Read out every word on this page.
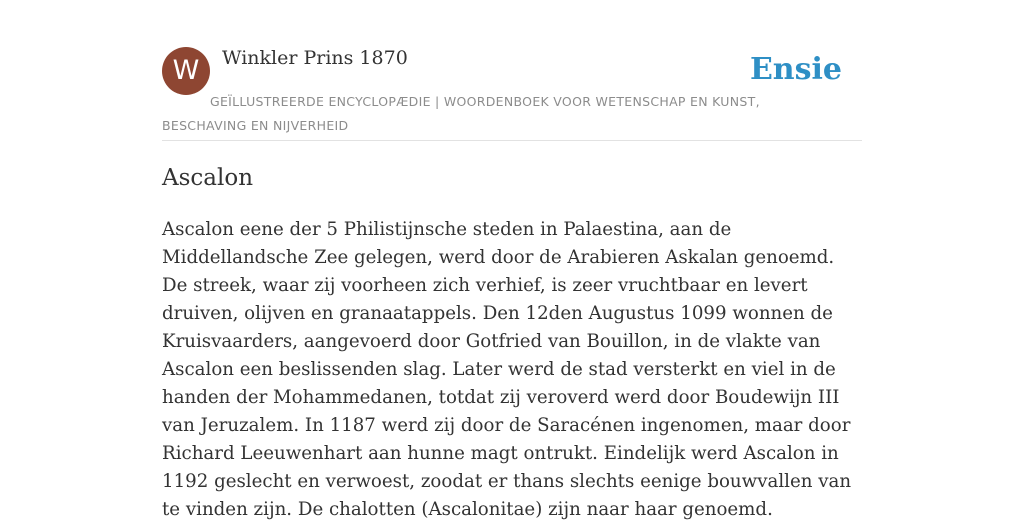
W	Winkler Prins 1870	Ensie
GEÏLLUSTREERDE ENCYCLOPÆDIE | WOORDENBOEK VOOR WETENSCHAP EN KUNST, BESCHAVING EN NIJVERHEID
Ascalon

Ascalon eene der 5 Philistijnsche steden in Palaestina, aan de Middellandsche Zee gelegen, werd door de Arabieren Askalan genoemd. De streek, waar zij voorheen zich verhief, is zeer vruchtbaar en levert druiven, olijven en granaatappels. Den 12den Augustus 1099 wonnen de Kruisvaarders, aangevoerd door Gotfried van Bouillon, in de vlakte van Ascalon een beslissenden slag. Later werd de stad versterkt en viel in de handen der Mohammedanen, totdat zij veroverd werd door Boudewijn III van Jeruzalem. In 1187 werd zij door de Saracénen ingenomen, maar door Richard Leeuwenhart aan hunne magt ontrukt. Eindelijk werd Ascalon in 1192 geslecht en verwoest, zoodat er thans slechts eenige bouwvallen van te vinden zijn. De chalotten (Ascalonitae) zijn naar haar genoemd.
